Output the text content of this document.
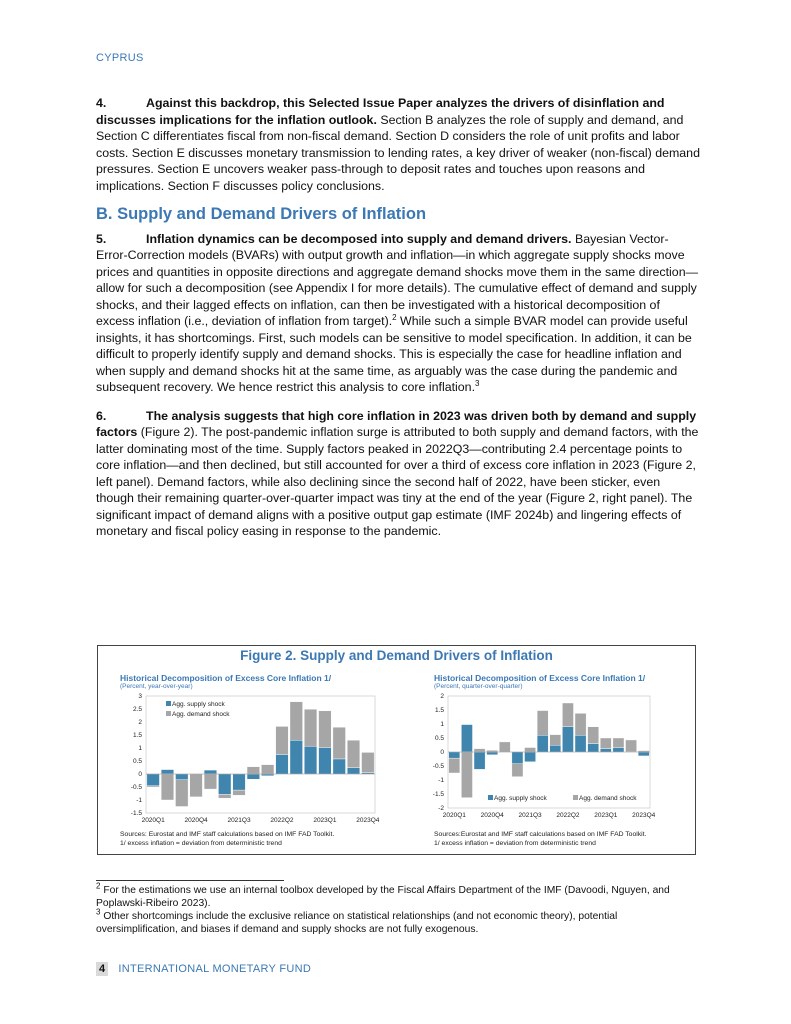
CYPRUS

4.	Against this backdrop, this Selected Issue Paper analyzes the drivers of disinflation and discusses implications for the inflation outlook. Section B analyzes the role of supply and demand, and Section C differentiates fiscal from non-fiscal demand. Section D considers the role of unit profits and labor costs. Section E discusses monetary transmission to lending rates, a key driver of weaker (non-fiscal) demand pressures. Section E uncovers weaker pass-through to deposit rates and touches upon reasons and implications. Section F discusses policy conclusions.

B. Supply and Demand Drivers of Inflation

5.	Inflation dynamics can be decomposed into supply and demand drivers. Bayesian Vector-Error-Correction models (BVARs) with output growth and inflation—in which aggregate supply shocks move prices and quantities in opposite directions and aggregate demand shocks move them in the same direction—allow for such a decomposition (see Appendix I for more details). The cumulative effect of demand and supply shocks, and their lagged effects on inflation, can then be investigated with a historical decomposition of excess inflation (i.e., deviation of inflation from target).$^2$ While such a simple BVAR model can provide useful insights, it has shortcomings. First, such models can be sensitive to model specification. In addition, it can be difficult to properly identify supply and demand shocks. This is especially the case for headline inflation and when supply and demand shocks hit at the same time, as arguably was the case during the pandemic and subsequent recovery. We hence restrict this analysis to core inflation.$^3$

6.	The analysis suggests that high core inflation in 2023 was driven both by demand and supply factors (Figure 2). The post-pandemic inflation surge is attributed to both supply and demand factors, with the latter dominating most of the time. Supply factors peaked in 2022Q3—contributing 2.4 percentage points to core inflation—and then declined, but still accounted for over a third of excess core inflation in 2023 (Figure 2, left panel). Demand factors, while also declining since the second half of 2022, have been sticker, even though their remaining quarter-over-quarter impact was tiny at the end of the year (Figure 2, right panel). The significant impact of demand aligns with a positive output gap estimate (IMF 2024b) and lingering effects of monetary and fiscal policy easing in response to the pandemic.

Figure 2. Supply and Demand Drivers of Inflation
Historical Decomposition of Excess Core Inflation 1/
(Percent, year-over-year)
-1.5
-1
-0.5
0
0.5
1
1.5
2
2.5
3
2020Q1	2020Q4	2021Q3	2022Q2	2023Q1	2023Q4
Agg. supply shock
Agg. demand shock
Sources: Eurostat and IMF staff calculations based on IMF FAD Toolkit.
1/ excess inflation = deviation from deterministic trend
Historical Decomposition of Excess Core Inflation 1/
(Percent, quarter-over-quarter)
-2
-1.5
-1
-0.5
0
0.5
1
1.5
2
2020Q1 2020Q4 2021Q3 2022Q2 2023Q1 2023Q4
Agg. supply shock	Agg. demand shock
Sources:Eurostat and IMF staff calculations based on IMF FAD Toolkit.
1/ excess inflation = deviation from deterministic trend

$^2$ For the estimations we use an internal toolbox developed by the Fiscal Affairs Department of the IMF (Davoodi, Nguyen, and Poplawski-Ribeiro 2023).

$^3$ Other shortcomings include the exclusive reliance on statistical relationships (and not economic theory), potential oversimplification, and biases if demand and supply shocks are not fully exogenous.

4 INTERNATIONAL MONETARY FUND
